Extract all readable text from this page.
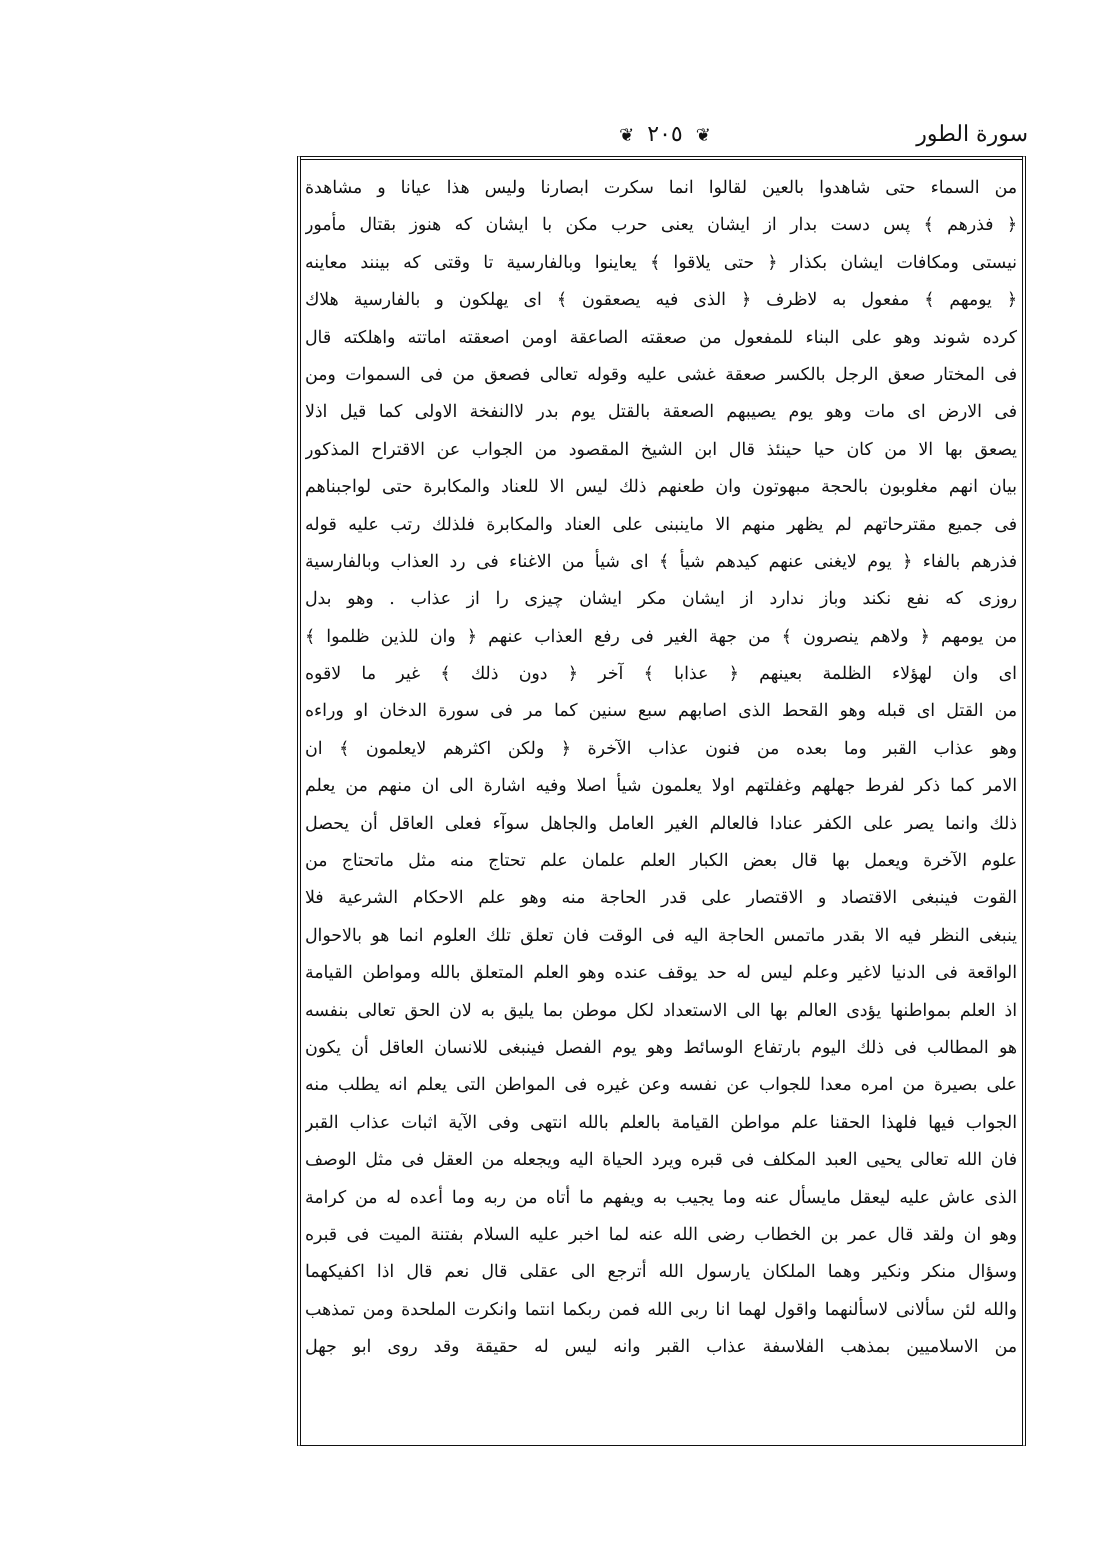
سورة الطور
❦ ٢٠٥ ❦
من السماء حتى شاهدوا بالعين لقالوا انما سكرت ابصارنا وليس هذا عيانا و مشاهدة
﴿ فذرهم ﴾ پس دست بدار از ايشان يعنى حرب مكن با ايشان كه هنوز بقتال مأمور
نيستى ومكافات ايشان بكذار ﴿ حتى يلاقوا ﴾ يعاينوا وبالفارسية تا وقتى كه بينند معاينه
﴿ يومهم ﴾ مفعول به لاظرف ﴿ الذى فيه يصعقون ﴾ اى يهلكون و بالفارسية هلاك
كرده شوند وهو على البناء للمفعول من صعقته الصاعقة اومن اصعقته اماتته واهلكته قال
فى المختار صعق الرجل بالكسر صعقة غشى عليه وقوله تعالى فصعق من فى السموات ومن
فى الارض اى مات وهو يوم يصيبهم الصعقة بالقتل يوم بدر لاالنفخة الاولى كما قيل اذلا
يصعق بها الا من كان حيا حينئذ قال ابن الشيخ المقصود من الجواب عن الاقتراح المذكور
بيان انهم مغلوبون بالحجة مبهوتون وان طعنهم ذلك ليس الا للعناد والمكابرة حتى لواجبناهم
فى جميع مقترحاتهم لم يظهر منهم الا ماينبنى على العناد والمكابرة فلذلك رتب عليه قوله
فذرهم بالفاء ﴿ يوم لايغنى عنهم كيدهم شيأ ﴾ اى شيأ من الاغناء فى رد العذاب وبالفارسية
روزى كه نفع نكند وباز ندارد از ايشان مكر ايشان چيزى را از عذاب . وهو بدل
من يومهم ﴿ ولاهم ينصرون ﴾ من جهة الغير فى رفع العذاب عنهم ﴿ وان للذين ظلموا ﴾
اى وان لهؤلاء الظلمة بعينهم ﴿ عذابا ﴾ آخر ﴿ دون ذلك ﴾ غير ما لاقوه
من القتل اى قبله وهو القحط الذى اصابهم سبع سنين كما مر فى سورة الدخان او وراءه
وهو عذاب القبر وما بعده من فنون عذاب الآخرة ﴿ ولكن اكثرهم لايعلمون ﴾ ان
الامر كما ذكر لفرط جهلهم وغفلتهم اولا يعلمون شيأ اصلا وفيه اشارة الى ان منهم من يعلم
ذلك وانما يصر على الكفر عنادا فالعالم الغير العامل والجاهل سوآء فعلى العاقل أن يحصل
علوم الآخرة ويعمل بها قال بعض الكبار العلم علمان علم تحتاج منه مثل ماتحتاج من
القوت فينبغى الاقتصاد و الاقتصار على قدر الحاجة منه وهو علم الاحكام الشرعية فلا
ينبغى النظر فيه الا بقدر ماتمس الحاجة اليه فى الوقت فان تعلق تلك العلوم انما هو بالاحوال
الواقعة فى الدنيا لاغير وعلم ليس له حد يوقف عنده وهو العلم المتعلق بالله ومواطن القيامة
اذ العلم بمواطنها يؤدى العالم بها الى الاستعداد لكل موطن بما يليق به لان الحق تعالى بنفسه
هو المطالب فى ذلك اليوم بارتفاع الوسائط وهو يوم الفصل فينبغى للانسان العاقل أن يكون
على بصيرة من امره معدا للجواب عن نفسه وعن غيره فى المواطن التى يعلم انه يطلب منه
الجواب فيها فلهذا الحقنا علم مواطن القيامة بالعلم بالله انتهى وفى الآية اثبات عذاب القبر
فان الله تعالى يحيى العبد المكلف فى قبره ويرد الحياة اليه ويجعله من العقل فى مثل الوصف
الذى عاش عليه ليعقل مايسأل عنه وما يجيب به ويفهم ما أتاه من ربه وما أعده له من كرامة
وهو ان ولقد قال عمر بن الخطاب رضى الله عنه لما اخبر عليه السلام بفتنة الميت فى قبره
وسؤال منكر ونكير وهما الملكان يارسول الله أترجع الى عقلى قال نعم قال اذا اكفيكهما
والله لئن سألانى لاسألنهما واقول لهما انا ربى الله فمن ربكما انتما وانكرت الملحدة ومن تمذهب
من الاسلاميين بمذهب الفلاسفة عذاب القبر وانه ليس له حقيقة وقد روى ابو جهل
